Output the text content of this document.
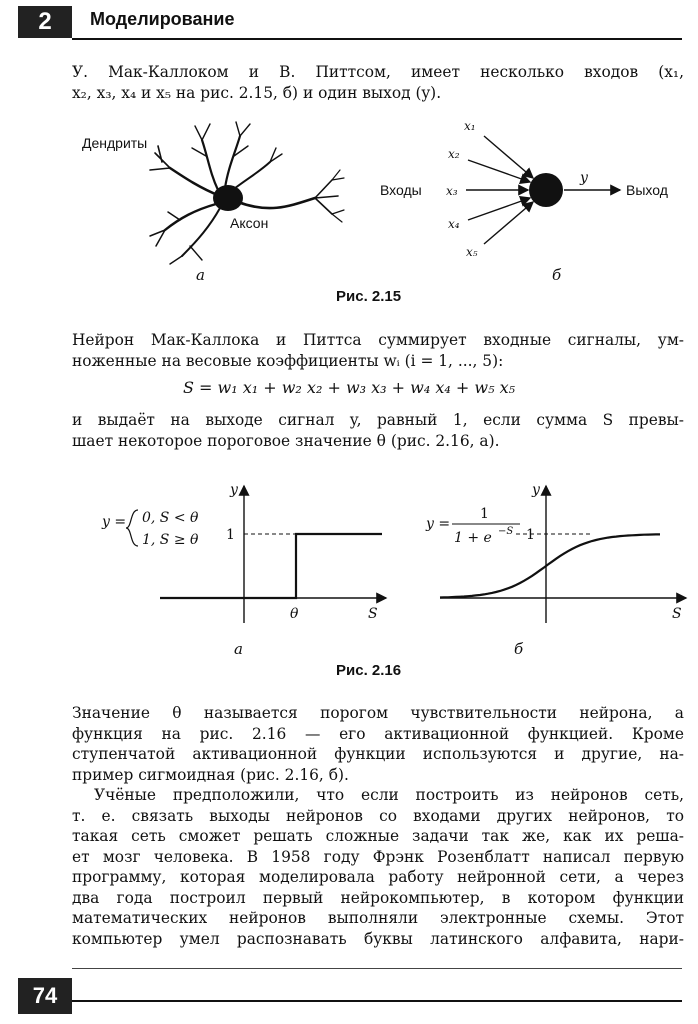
2	Моделирование
У. Мак-Каллоком и В. Питтсом, имеет несколько входов (x₁,
x₂, x₃, x₄ и x₅ на рис. 2.15, б) и один выход (y).
Дендриты
Аксон
x₁
x₂
x₃
x₄
x₅
Входы
y
Выход
а	б
Рис. 2.15
Нейрон Мак-Каллока и Питтса суммирует входные сигналы, ум-
ноженные на весовые коэффициенты wᵢ (i = 1, ..., 5):
S = w₁ x₁ + w₂ x₂ + w₃ x₃ + w₄ x₄ + w₅ x₅
и выдаёт на выходе сигнал y, равный 1, если сумма S превы-
шает некоторое пороговое значение θ (рис. 2.16, а).
y = 0, S < θ
1, S ≥ θ
y
S
1
θ
y =
1
1 + e −S
y
S
1
а	б
Рис. 2.16
Значение θ называется порогом чувствительности нейрона, а
функция на рис. 2.16 — его активационной функцией. Кроме
ступенчатой активационной функции используются и другие, на-
пример сигмоидная (рис. 2.16, б).
Учёные предположили, что если построить из нейронов сеть,
т. е. связать выходы нейронов со входами других нейронов, то
такая сеть сможет решать сложные задачи так же, как их реша-
ет мозг человека. В 1958 году Фрэнк Розенблатт написал первую
программу, которая моделировала работу нейронной сети, а через
два года построил первый нейрокомпьютер, в котором функции
математических нейронов выполняли электронные схемы. Этот
компьютер умел распознавать буквы латинского алфавита, нари-
74
